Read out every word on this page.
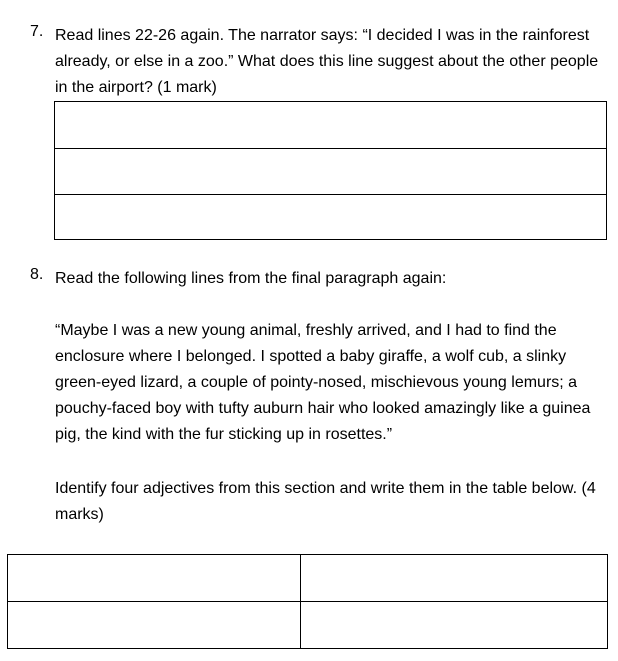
7. Read lines 22-26 again. The narrator says: “I decided I was in the rainforest already, or else in a zoo.” What does this line suggest about the other people in the airport? (1 mark)
8. Read the following lines from the final paragraph again:
“Maybe I was a new young animal, freshly arrived, and I had to find the enclosure where I belonged. I spotted a baby giraffe, a wolf cub, a slinky green-eyed lizard, a couple of pointy-nosed, mischievous young lemurs; a pouchy-faced boy with tufty auburn hair who looked amazingly like a guinea pig, the kind with the fur sticking up in rosettes.”
Identify four adjectives from this section and write them in the table below. (4 marks)
